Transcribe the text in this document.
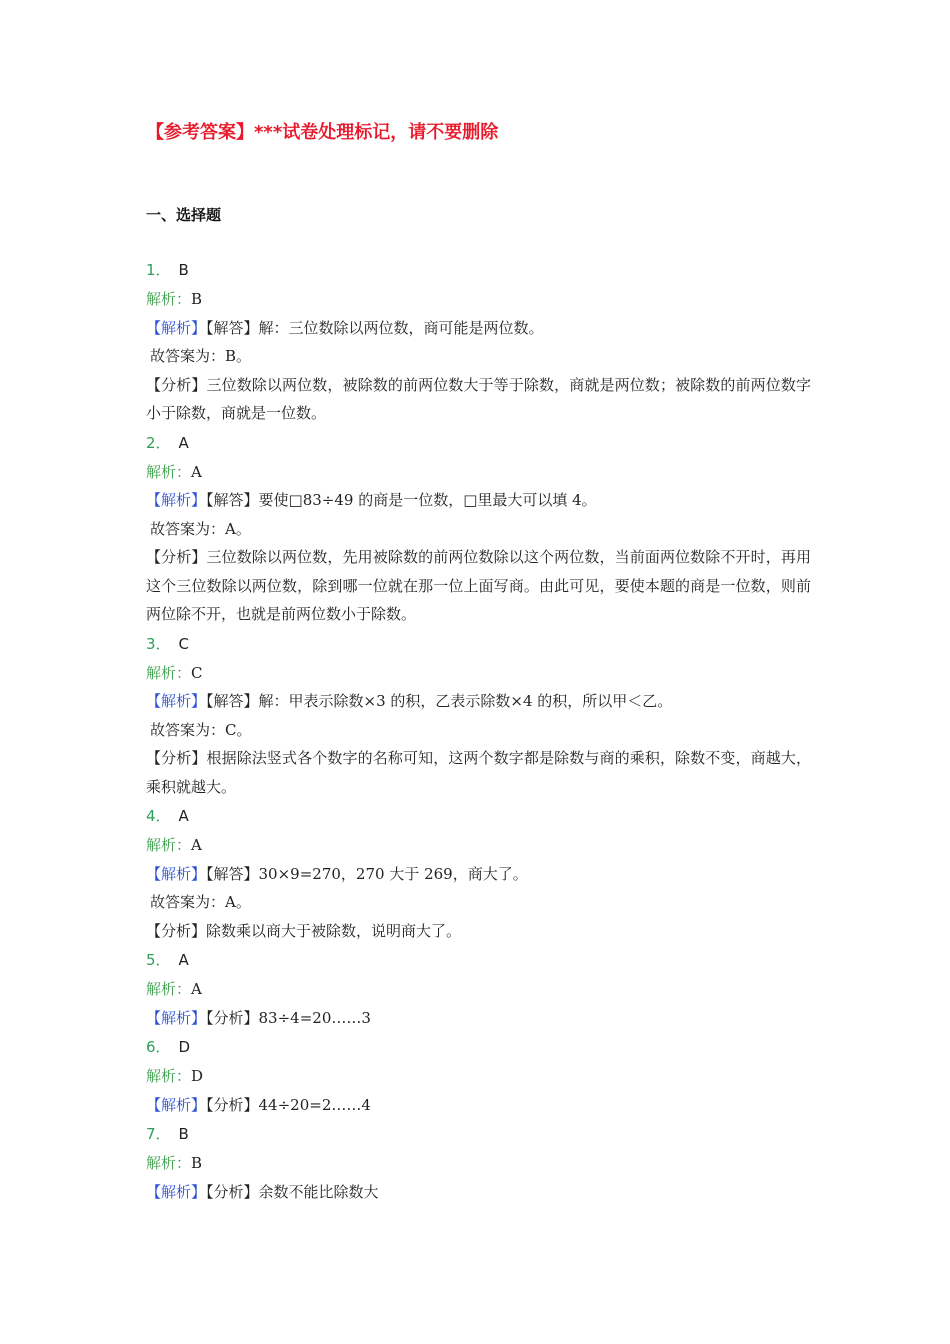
【参考答案】***试卷处理标记，请不要删除
一、选择题
1． B
解析：B
【解析】【解答】解：三位数除以两位数，商可能是两位数。
故答案为：B。
【分析】三位数除以两位数，被除数的前两位数大于等于除数，商就是两位数；被除数的前两位数字小于除数，商就是一位数。
2． A
解析：A
【解析】【解答】要使□83÷49 的商是一位数，□里最大可以填 4。
故答案为：A。
【分析】三位数除以两位数，先用被除数的前两位数除以这个两位数，当前面两位数除不开时，再用这个三位数除以两位数，除到哪一位就在那一位上面写商。由此可见，要使本题的商是一位数，则前两位除不开，也就是前两位数小于除数。
3． C
解析：C
【解析】【解答】解：甲表示除数×3 的积，乙表示除数×4 的积，所以甲＜乙。
故答案为：C。
【分析】根据除法竖式各个数字的名称可知，这两个数字都是除数与商的乘积，除数不变，商越大，乘积就越大。
4． A
解析：A
【解析】【解答】30×9=270，270 大于 269，商大了。
故答案为：A。
【分析】除数乘以商大于被除数，说明商大了。
5． A
解析：A
【解析】【分析】83÷4=20……3
6． D
解析：D
【解析】【分析】44÷20=2……4
7． B
解析：B
【解析】【分析】余数不能比除数大
